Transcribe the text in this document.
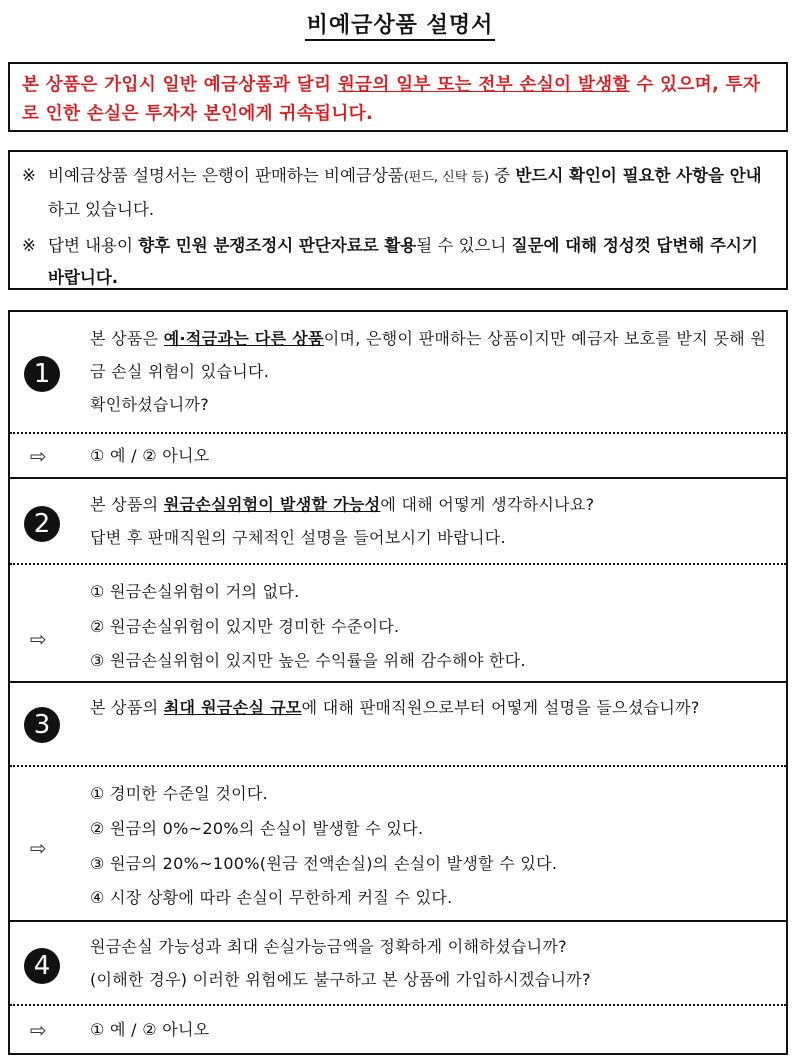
비예금상품 설명서
본 상품은 가입시 일반 예금상품과 달리 원금의 일부 또는 전부 손실이 발생할 수 있으며, 투자로 인한 손실은 투자자 본인에게 귀속됩니다.
※ 비예금상품 설명서는 은행이 판매하는 비예금상품(펀드, 신탁 등) 중 반드시 확인이 필요한 사항을 안내하고 있습니다.
※ 답변 내용이 향후 민원 분쟁조정시 판단자료로 활용될 수 있으니 질문에 대해 정성껏 답변해 주시기 바랍니다.
1
본 상품은 예·적금과는 다른 상품이며, 은행이 판매하는 상품이지만 예금자 보호를 받지 못해 원금 손실 위험이 있습니다.
확인하셨습니까?
⇨	① 예 / ② 아니오
2
본 상품의 원금손실위험이 발생할 가능성에 대해 어떻게 생각하시나요?
답변 후 판매직원의 구체적인 설명을 들어보시기 바랍니다.
⇨
① 원금손실위험이 거의 없다.
② 원금손실위험이 있지만 경미한 수준이다.
③ 원금손실위험이 있지만 높은 수익률을 위해 감수해야 한다.
3
본 상품의 최대 원금손실 규모에 대해 판매직원으로부터 어떻게 설명을 들으셨습니까?
⇨
① 경미한 수준일 것이다.
② 원금의 0%~20%의 손실이 발생할 수 있다.
③ 원금의 20%~100%(원금 전액손실)의 손실이 발생할 수 있다.
④ 시장 상황에 따라 손실이 무한하게 커질 수 있다.
4
원금손실 가능성과 최대 손실가능금액을 정확하게 이해하셨습니까?
(이해한 경우) 이러한 위험에도 불구하고 본 상품에 가입하시겠습니까?
⇨	① 예 / ② 아니오
